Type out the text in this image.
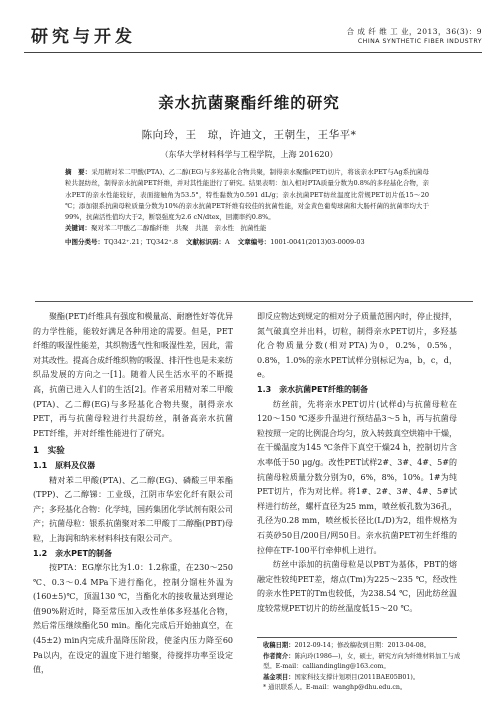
研究与开发	合 成 纤 维 工 业，2013，36(3)：9
CHINA SYNTHETIC FIBER INDUSTRY
亲水抗菌聚酯纤维的研究
陈向玲，王　琼，许迪文，王朝生，王华平*
（东华大学材料科学与工程学院，上海 201620）

摘　要：采用精对苯二甲酸(PTA)、乙二醇(EG)与多羟基化合物共聚，制得亲水聚酯(PET)切片，将该亲水PET与Ag系抗菌母粒共混纺丝，制得亲水抗菌PET纤维，并对其性能进行了研究。结果表明：加入相对PTA质量分数为0.8%的多羟基化合物，亲水PET的亲水性能较好，表面接触角为53.5°，特性黏数为0.591 dL/g；亲水抗菌PET纺丝温度比常规PET切片低15～20 ℃；添加银系抗菌母粒质量分数为10%的亲水抗菌PET纤维有较佳的抗菌性能，对金黄色葡萄球菌和大肠杆菌的抗菌率均大于99%，抗菌活性值均大于2，断裂强度为2.6 cN/dtex，回潮率约0.8%。

关键词：聚对苯二甲酸乙二醇酯纤维　共聚　共混　亲水性　抗菌性能

中图分类号：TQ342⁺.21；TQ342⁺.8 文献标识码：A 文章编号：1001-0041(2013)03-0009-03

聚酯(PET)纤维具有强度和模量高、耐磨性好等优异的力学性能，能较好满足各种用途的需要。但是，PET纤维的吸湿性能差，其织物透气性和吸湿性差，因此，需对其改性。提高合成纤维织物的吸湿、排汗性也是未来纺织品发展的方向之一[1]。随着人民生活水平的不断提高，抗菌已进入人们的生活[2]。作者采用精对苯二甲酸(PTA)、乙二醇(EG)与多羟基化合物共聚，制得亲水PET，再与抗菌母粒进行共混纺丝，制备高亲水抗菌PET纤维，并对纤维性能进行了研究。

1　实验
1.1　原料及仪器

精对苯二甲酸(PTA)、乙二醇(EG)、磷酸三甲苯酯(TPP)、乙二醇锑：工业级，江阴市华宏化纤有限公司产；多羟基化合物：化学纯，国药集团化学试剂有限公司产；抗菌母粒：银系抗菌聚对苯二甲酸丁二醇酯(PBT)母粒，上海润和纳米材料科技有限公司产。

1.2　亲水PET的制备

按PTA：EG摩尔比为1.0：1.2称重，在230～250 ℃、0.3～0.4 MPa下进行酯化，控制分馏柱外温为(160±5)℃，顶温130 ℃，当酯化水的接收量达到理论值90%附近时，降至常压加入改性单体多羟基化合物，然后常压继续酯化50 min。酯化完成后开始抽真空，在(45±2) min内完成升温降压阶段，使釜内压力降至60 Pa以内，在设定的温度下进行缩聚，待搅拌功率至设定值，

即反应物达到规定的相对分子质量范围内时，停止搅拌，氮气破真空并出料，切粒，制得亲水PET切片，多羟基化合物质量分数(相对PTA)为0，0.2%，0.5%，0.8%，1.0%的亲水PET试样分别标记为a，b，c，d，e。

1.3　亲水抗菌PET纤维的制备

纺丝前，先将亲水PET切片(试样d)与抗菌母粒在120～150 ℃逐步升温进行预结晶3～5 h，再与抗菌母粒按照一定的比例混合均匀，放入转鼓真空烘箱中干燥，在干燥温度为145 ℃条件下真空干燥24 h，控制切片含水率低于50 μg/g。改性PET试样2#、3#、4#、5#的抗菌母粒质量分数分别为0，6%，8%，10%。1#为纯PET切片，作为对比样。将1#、2#、3#、4#、5#试样进行纺丝，螺杆直径为25 mm，喷丝板孔数为36孔，孔径为0.28 mm，喷丝板长径比(L/D)为2，组件规格为石英砂50目/200目/网50目。亲水抗菌PET初生纤维的拉伸在TF-100平行牵伸机上进行。

纺丝中添加的抗菌母粒是以PBT为基体，PBT的熔融定性较纯PET差，熔点(Tm)为225～235 ℃，经改性的亲水性PET的Tm也较低，为238.54 ℃，因此纺丝温度较常规PET切片的纺丝温度低15～20 ℃。

收稿日期：2012-09-14；修改稿收到日期：2013-04-08。

作者简介：陈向玲(1986—)，女，硕士，研究方向为纤维材料加工与成型。E-mail：calliandingling@163.com。

基金项目：国家科技支撑计划项目(2011BAE05B01)。

* 通讯联系人。E-mail：wanghp@dhu.edu.cn。
